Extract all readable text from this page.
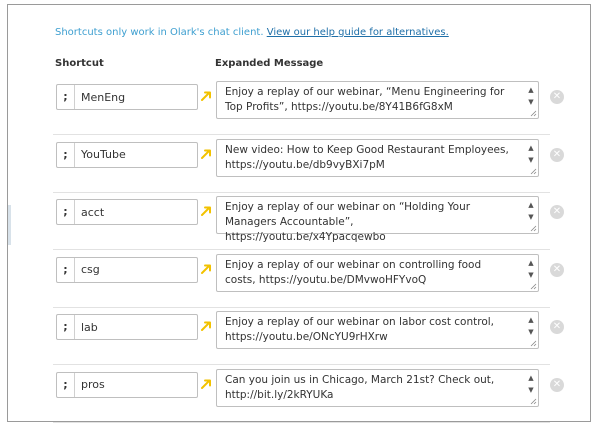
Shortcuts only work in Olark's chat client. View our help guide for alternatives.
Shortcut	Expanded Message
;	MenEng	Enjoy a replay of our webinar, “Menu Engineering for Top Profits”, https://youtu.be/8Y41B6fG8xM
▲
▼ ✕
;	YouTube	New video: How to Keep Good Restaurant Employees, https://youtu.be/db9vyBXi7pM
▲
▼ ✕
;	acct	Enjoy a replay of our webinar on “Holding Your Managers Accountable”, https://youtu.be/x4Ypacqewbo
▲
▼ ✕
;	csg	Enjoy a replay of our webinar on controlling food costs, https://youtu.be/DMvwoHFYvoQ
▲
▼ ✕
;	lab	Enjoy a replay of our webinar on labor cost control, https://youtu.be/ONcYU9rHXrw
▲
▼ ✕
;	pros	Can you join us in Chicago, March 21st? Check out, http://bit.ly/2kRYUKa
▲
▼ ✕
